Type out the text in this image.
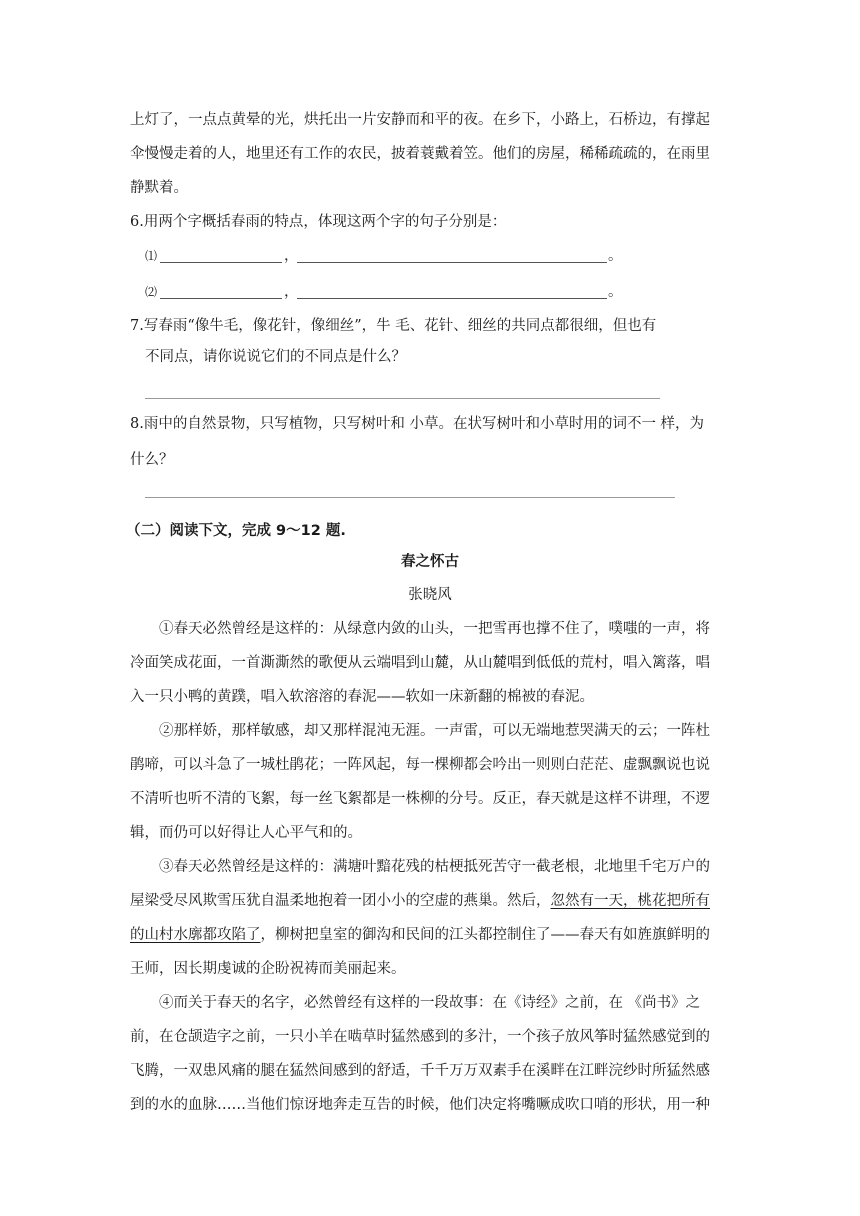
上灯了，一点点黄晕的光，烘托出一片安静而和平的夜。在乡下，小路上，石桥边，有撑起
伞慢慢走着的人，地里还有工作的农民，披着蓑戴着笠。他们的房屋，稀稀疏疏的，在雨里
静默着。
6.用两个字概括春雨的特点，体现这两个字的句子分别是：
⑴	，	。
⑵	，	。
7.写春雨“像牛毛，像花针，像细丝”，牛 毛、花针、细丝的共同点都很细，但也有
不同点，请你说说它们的不同点是什么？
8.雨中的自然景物，只写植物，只写树叶和 小草。在状写树叶和小草时用的词不一 样，为
什么？
（二）阅读下文，完成 9～12 题.
春之怀古
张晓风
①春天必然曾经是这样的：从绿意内敛的山头，一把雪再也撑不住了，噗嗤的一声，将
冷面笑成花面，一首澌澌然的歌便从云端唱到山麓，从山麓唱到低低的荒村，唱入篱落，唱
入一只小鸭的黄蹼，唱入软溶溶的春泥——软如一床新翻的棉被的春泥。
②那样娇，那样敏感，却又那样混沌无涯。一声雷，可以无端地惹哭满天的云；一阵杜
鹃啼，可以斗急了一城杜鹃花；一阵风起，每一棵柳都会吟出一则则白茫茫、虚飘飘说也说
不清听也听不清的飞絮，每一丝飞絮都是一株柳的分号。反正，春天就是这样不讲理，不逻
辑，而仍可以好得让人心平气和的。
③春天必然曾经是这样的：满塘叶黯花残的枯梗抵死苦守一截老根，北地里千宅万户的
屋梁受尽风欺雪压犹自温柔地抱着一团小小的空虚的燕巢。然后，忽然有一天，桃花把所有
的山村水廓都攻陷了，柳树把皇室的御沟和民间的江头都控制住了——春天有如旌旗鲜明的
王师，因长期虔诚的企盼祝祷而美丽起来。
④而关于春天的名字，必然曾经有这样的一段故事：在《诗经》之前，在 《尚书》之
前，在仓颉造字之前，一只小羊在啮草时猛然感到的多汁，一个孩子放风筝时猛然感觉到的
飞腾，一双患风痛的腿在猛然间感到的舒适，千千万万双素手在溪畔在江畔浣纱时所猛然感
到的水的血脉……当他们惊讶地奔走互告的时候，他们决定将嘴噘成吹口哨的形状，用一种
